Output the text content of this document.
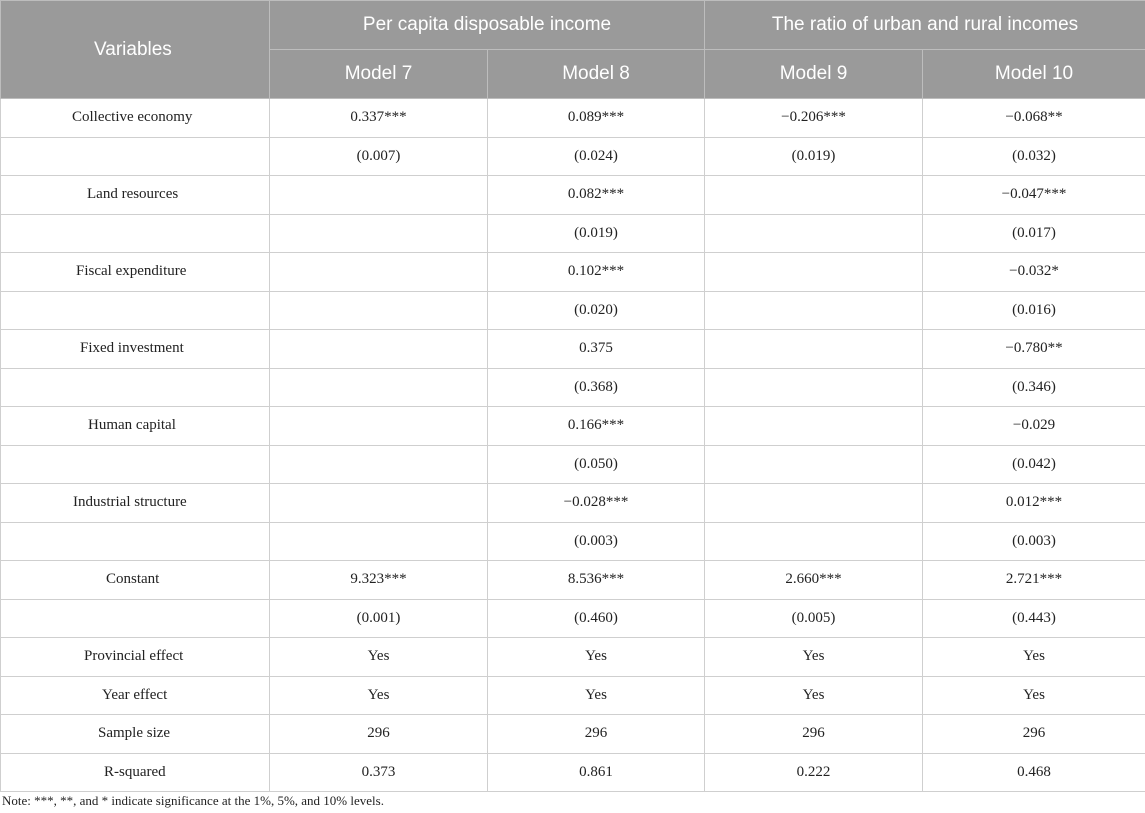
Variables	Per capita disposable income		The ratio of urban and rural incomes	
	Model 7	Model 8	Model 9	Model 10
Collective economy	0.337***	0.089***	−0.206***	−0.068**
	(0.007)	(0.024)	(0.019)	(0.032)
Land resources		0.082***		−0.047***
		(0.019)		(0.017)
Fiscal expenditure		0.102***		−0.032*
		(0.020)		(0.016)
Fixed investment		0.375		−0.780**
		(0.368)		(0.346)
Human capital		0.166***		−0.029
		(0.050)		(0.042)
Industrial structure		−0.028***		0.012***
		(0.003)		(0.003)
Constant	9.323***	8.536***	2.660***	2.721***
	(0.001)	(0.460)	(0.005)	(0.443)
Provincial effect	Yes	Yes	Yes	Yes
Year effect	Yes	Yes	Yes	Yes
Sample size	296	296	296	296
R-squared	0.373	0.861	0.222	0.468
Note: ***, **, and * indicate significance at the 1%, 5%, and 10% levels.
